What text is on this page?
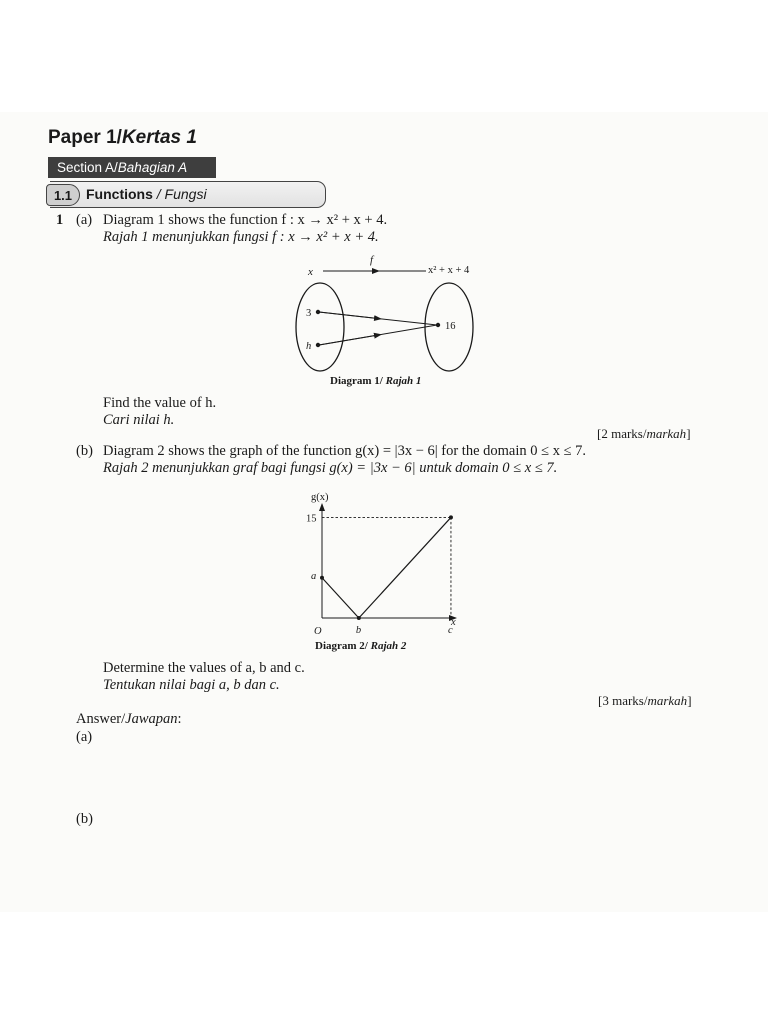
Paper 1/Kertas 1
Section A/Bahagian A
1.1 Functions / Fungsi
1 (a) Diagram 1 shows the function f : x → x² + x + 4.
Rajah 1 menunjukkan fungsi f : x → x² + x + 4.
x
f
x² + x + 4
3
h
16
Diagram 1/ Rajah 1
Find the value of h.
Cari nilai h.
[2 marks/markah]
(b) Diagram 2 shows the graph of the function g(x) = |3x − 6| for the domain 0 ≤ x ≤ 7.
Rajah 2 menunjukkan graf bagi fungsi g(x) = |3x − 6| untuk domain 0 ≤ x ≤ 7.
g(x)
x
O
15
a
b	c
Diagram 2/ Rajah 2
Determine the values of a, b and c.
Tentukan nilai bagi a, b dan c.
[3 marks/markah]
Answer/Jawapan:
(a)
(b)
